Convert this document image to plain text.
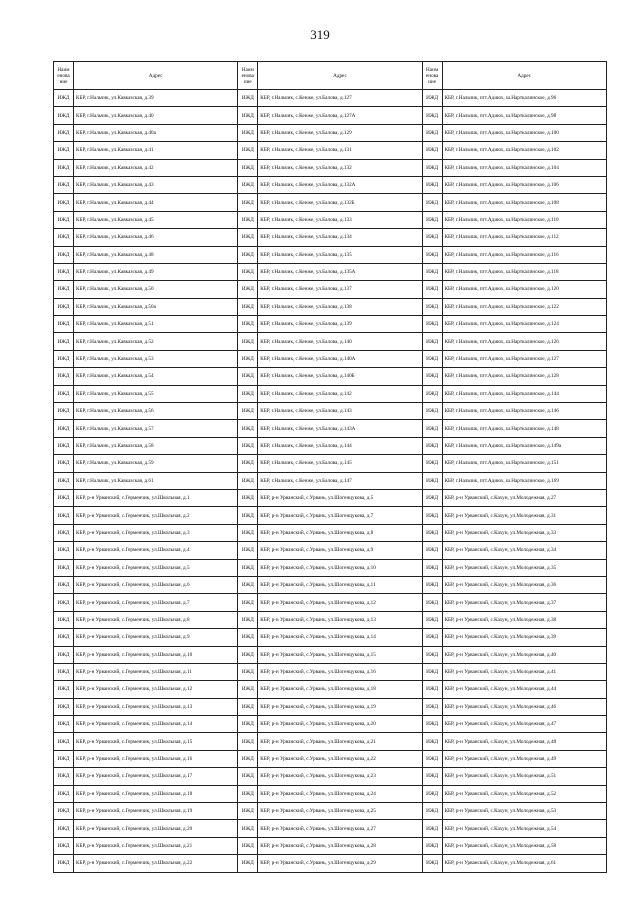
319
Наим енова ние	Адрес	Наим енова ние	Адрес	Наим енова ние	Адрес
ИЖД	КБР, г.Нальчик, ул.Кавказская, д.39	ИЖД	КБР, г.Нальчик, с.Кенже, ул.Балова, д.127	ИЖД	КБР, г.Нальчик, пгт.Адиюх, ш.Нарткалинское, д.96
ИЖД	КБР, г.Нальчик, ул.Кавказская, д.40	ИЖД	КБР, г.Нальчик, с.Кенже, ул.Балова, д.127А	ИЖД	КБР, г.Нальчик, пгт.Адиюх, ш.Нарткалинское, д.98
ИЖД	КБР, г.Нальчик, ул.Кавказская, д.40а	ИЖД	КБР, г.Нальчик, с.Кенже, ул.Балова, д.129	ИЖД	КБР, г.Нальчик, пгт.Адиюх, ш.Нарткалинское, д.100
ИЖД	КБР, г.Нальчик, ул.Кавказская, д.41	ИЖД	КБР, г.Нальчик, с.Кенже, ул.Балова, д.131	ИЖД	КБР, г.Нальчик, пгт.Адиюх, ш.Нарткалинское, д.102
ИЖД	КБР, г.Нальчик, ул.Кавказская, д.42	ИЖД	КБР, г.Нальчик, с.Кенже, ул.Балова, д.132	ИЖД	КБР, г.Нальчик, пгт.Адиюх, ш.Нарткалинское, д.104
ИЖД	КБР, г.Нальчик, ул.Кавказская, д.43	ИЖД	КБР, г.Нальчик, с.Кенже, ул.Балова, д.132А	ИЖД	КБР, г.Нальчик, пгт.Адиюх, ш.Нарткалинское, д.106
ИЖД	КБР, г.Нальчик, ул.Кавказская, д.44	ИЖД	КБР, г.Нальчик, с.Кенже, ул.Балова, д.132Б	ИЖД	КБР, г.Нальчик, пгт.Адиюх, ш.Нарткалинское, д.108
ИЖД	КБР, г.Нальчик, ул.Кавказская, д.45	ИЖД	КБР, г.Нальчик, с.Кенже, ул.Балова, д.133	ИЖД	КБР, г.Нальчик, пгт.Адиюх, ш.Нарткалинское, д.110
ИЖД	КБР, г.Нальчик, ул.Кавказская, д.46	ИЖД	КБР, г.Нальчик, с.Кенже, ул.Балова, д.134	ИЖД	КБР, г.Нальчик, пгт.Адиюх, ш.Нарткалинское, д.112
ИЖД	КБР, г.Нальчик, ул.Кавказская, д.48	ИЖД	КБР, г.Нальчик, с.Кенже, ул.Балова, д.135	ИЖД	КБР, г.Нальчик, пгт.Адиюх, ш.Нарткалинское, д.116
ИЖД	КБР, г.Нальчик, ул.Кавказская, д.49	ИЖД	КБР, г.Нальчик, с.Кенже, ул.Балова, д.135А	ИЖД	КБР, г.Нальчик, пгт.Адиюх, ш.Нарткалинское, д.118
ИЖД	КБР, г.Нальчик, ул.Кавказская, д.50	ИЖД	КБР, г.Нальчик, с.Кенже, ул.Балова, д.137	ИЖД	КБР, г.Нальчик, пгт.Адиюх, ш.Нарткалинское, д.120
ИЖД	КБР, г.Нальчик, ул.Кавказская, д.50а	ИЖД	КБР, г.Нальчик, с.Кенже, ул.Балова, д.138	ИЖД	КБР, г.Нальчик, пгт.Адиюх, ш.Нарткалинское, д.122
ИЖД	КБР, г.Нальчик, ул.Кавказская, д.51	ИЖД	КБР, г.Нальчик, с.Кенже, ул.Балова, д.139	ИЖД	КБР, г.Нальчик, пгт.Адиюх, ш.Нарткалинское, д.124
ИЖД	КБР, г.Нальчик, ул.Кавказская, д.52	ИЖД	КБР, г.Нальчик, с.Кенже, ул.Балова, д.140	ИЖД	КБР, г.Нальчик, пгт.Адиюх, ш.Нарткалинское, д.126
ИЖД	КБР, г.Нальчик, ул.Кавказская, д.53	ИЖД	КБР, г.Нальчик, с.Кенже, ул.Балова, д.140А	ИЖД	КБР, г.Нальчик, пгт.Адиюх, ш.Нарткалинское, д.127
ИЖД	КБР, г.Нальчик, ул.Кавказская, д.54	ИЖД	КБР, г.Нальчик, с.Кенже, ул.Балова, д.140Б	ИЖД	КБР, г.Нальчик, пгт.Адиюх, ш.Нарткалинское, д.128
ИЖД	КБР, г.Нальчик, ул.Кавказская, д.55	ИЖД	КБР, г.Нальчик, с.Кенже, ул.Балова, д.142	ИЖД	КБР, г.Нальчик, пгт.Адиюх, ш.Нарткалинское, д.144
ИЖД	КБР, г.Нальчик, ул.Кавказская, д.56	ИЖД	КБР, г.Нальчик, с.Кенже, ул.Балова, д.143	ИЖД	КБР, г.Нальчик, пгт.Адиюх, ш.Нарткалинское, д.146
ИЖД	КБР, г.Нальчик, ул.Кавказская, д.57	ИЖД	КБР, г.Нальчик, с.Кенже, ул.Балова, д.143А	ИЖД	КБР, г.Нальчик, пгт.Адиюх, ш.Нарткалинское, д.148
ИЖД	КБР, г.Нальчик, ул.Кавказская, д.58	ИЖД	КБР, г.Нальчик, с.Кенже, ул.Балова, д.144	ИЖД	КБР, г.Нальчик, пгт.Адиюх, ш.Нарткалинское, д.149а
ИЖД	КБР, г.Нальчик, ул.Кавказская, д.59	ИЖД	КБР, г.Нальчик, с.Кенже, ул.Балова, д.145	ИЖД	КБР, г.Нальчик, пгт.Адиюх, ш.Нарткалинское, д.151
ИЖД	КБР, г.Нальчик, ул.Кавказская, д.61	ИЖД	КБР, г.Нальчик, с.Кенже, ул.Балова, д.147	ИЖД	КБР, г.Нальчик, пгт.Адиюх, ш.Нарткалинское, д.169
ИЖД	КБР, р-н Урванский, с.Герменчик, ул.Школьная, д.1	ИЖД	КБР, р-н Урванский, с.Урвань, ул.Шогенцукова, д.5	ИЖД	КБР, р-н Урванский, с.Кахун, ул.Молодежная, д.27
ИЖД	КБР, р-н Урванский, с.Герменчик, ул.Школьная, д.2	ИЖД	КБР, р-н Урванский, с.Урвань, ул.Шогенцукова, д.7	ИЖД	КБР, р-н Урванский, с.Кахун, ул.Молодежная, д.31
ИЖД	КБР, р-н Урванский, с.Герменчик, ул.Школьная, д.3	ИЖД	КБР, р-н Урванский, с.Урвань, ул.Шогенцукова, д.8	ИЖД	КБР, р-н Урванский, с.Кахун, ул.Молодежная, д.33
ИЖД	КБР, р-н Урванский, с.Герменчик, ул.Школьная, д.4	ИЖД	КБР, р-н Урванский, с.Урвань, ул.Шогенцукова, д.9	ИЖД	КБР, р-н Урванский, с.Кахун, ул.Молодежная, д.34
ИЖД	КБР, р-н Урванский, с.Герменчик, ул.Школьная, д.5	ИЖД	КБР, р-н Урванский, с.Урвань, ул.Шогенцукова, д.10	ИЖД	КБР, р-н Урванский, с.Кахун, ул.Молодежная, д.35
ИЖД	КБР, р-н Урванский, с.Герменчик, ул.Школьная, д.6	ИЖД	КБР, р-н Урванский, с.Урвань, ул.Шогенцукова, д.11	ИЖД	КБР, р-н Урванский, с.Кахун, ул.Молодежная, д.36
ИЖД	КБР, р-н Урванский, с.Герменчик, ул.Школьная, д.7	ИЖД	КБР, р-н Урванский, с.Урвань, ул.Шогенцукова, д.12	ИЖД	КБР, р-н Урванский, с.Кахун, ул.Молодежная, д.37
ИЖД	КБР, р-н Урванский, с.Герменчик, ул.Школьная, д.8	ИЖД	КБР, р-н Урванский, с.Урвань, ул.Шогенцукова, д.13	ИЖД	КБР, р-н Урванский, с.Кахун, ул.Молодежная, д.38
ИЖД	КБР, р-н Урванский, с.Герменчик, ул.Школьная, д.9	ИЖД	КБР, р-н Урванский, с.Урвань, ул.Шогенцукова, д.14	ИЖД	КБР, р-н Урванский, с.Кахун, ул.Молодежная, д.39
ИЖД	КБР, р-н Урванский, с.Герменчик, ул.Школьная, д.10	ИЖД	КБР, р-н Урванский, с.Урвань, ул.Шогенцукова, д.15	ИЖД	КБР, р-н Урванский, с.Кахун, ул.Молодежная, д.40
ИЖД	КБР, р-н Урванский, с.Герменчик, ул.Школьная, д.11	ИЖД	КБР, р-н Урванский, с.Урвань, ул.Шогенцукова, д.16	ИЖД	КБР, р-н Урванский, с.Кахун, ул.Молодежная, д.41
ИЖД	КБР, р-н Урванский, с.Герменчик, ул.Школьная, д.12	ИЖД	КБР, р-н Урванский, с.Урвань, ул.Шогенцукова, д.18	ИЖД	КБР, р-н Урванский, с.Кахун, ул.Молодежная, д.44
ИЖД	КБР, р-н Урванский, с.Герменчик, ул.Школьная, д.13	ИЖД	КБР, р-н Урванский, с.Урвань, ул.Шогенцукова, д.19	ИЖД	КБР, р-н Урванский, с.Кахун, ул.Молодежная, д.46
ИЖД	КБР, р-н Урванский, с.Герменчик, ул.Школьная, д.14	ИЖД	КБР, р-н Урванский, с.Урвань, ул.Шогенцукова, д.20	ИЖД	КБР, р-н Урванский, с.Кахун, ул.Молодежная, д.47
ИЖД	КБР, р-н Урванский, с.Герменчик, ул.Школьная, д.15	ИЖД	КБР, р-н Урванский, с.Урвань, ул.Шогенцукова, д.21	ИЖД	КБР, р-н Урванский, с.Кахун, ул.Молодежная, д.48
ИЖД	КБР, р-н Урванский, с.Герменчик, ул.Школьная, д.16	ИЖД	КБР, р-н Урванский, с.Урвань, ул.Шогенцукова, д.22	ИЖД	КБР, р-н Урванский, с.Кахун, ул.Молодежная, д.49
ИЖД	КБР, р-н Урванский, с.Герменчик, ул.Школьная, д.17	ИЖД	КБР, р-н Урванский, с.Урвань, ул.Шогенцукова, д.23	ИЖД	КБР, р-н Урванский, с.Кахун, ул.Молодежная, д.51
ИЖД	КБР, р-н Урванский, с.Герменчик, ул.Школьная, д.18	ИЖД	КБР, р-н Урванский, с.Урвань, ул.Шогенцукова, д.24	ИЖД	КБР, р-н Урванский, с.Кахун, ул.Молодежная, д.52
ИЖД	КБР, р-н Урванский, с.Герменчик, ул.Школьная, д.19	ИЖД	КБР, р-н Урванский, с.Урвань, ул.Шогенцукова, д.25	ИЖД	КБР, р-н Урванский, с.Кахун, ул.Молодежная, д.53
ИЖД	КБР, р-н Урванский, с.Герменчик, ул.Школьная, д.20	ИЖД	КБР, р-н Урванский, с.Урвань, ул.Шогенцукова, д.27	ИЖД	КБР, р-н Урванский, с.Кахун, ул.Молодежная, д.54
ИЖД	КБР, р-н Урванский, с.Герменчик, ул.Школьная, д.21	ИЖД	КБР, р-н Урванский, с.Урвань, ул.Шогенцукова, д.28	ИЖД	КБР, р-н Урванский, с.Кахун, ул.Молодежная, д.58
ИЖД	КБР, р-н Урванский, с.Герменчик, ул.Школьная, д.22	ИЖД	КБР, р-н Урванский, с.Урвань, ул.Шогенцукова, д.29	ИЖД	КБР, р-н Урванский, с.Кахун, ул.Молодежная, д.61
